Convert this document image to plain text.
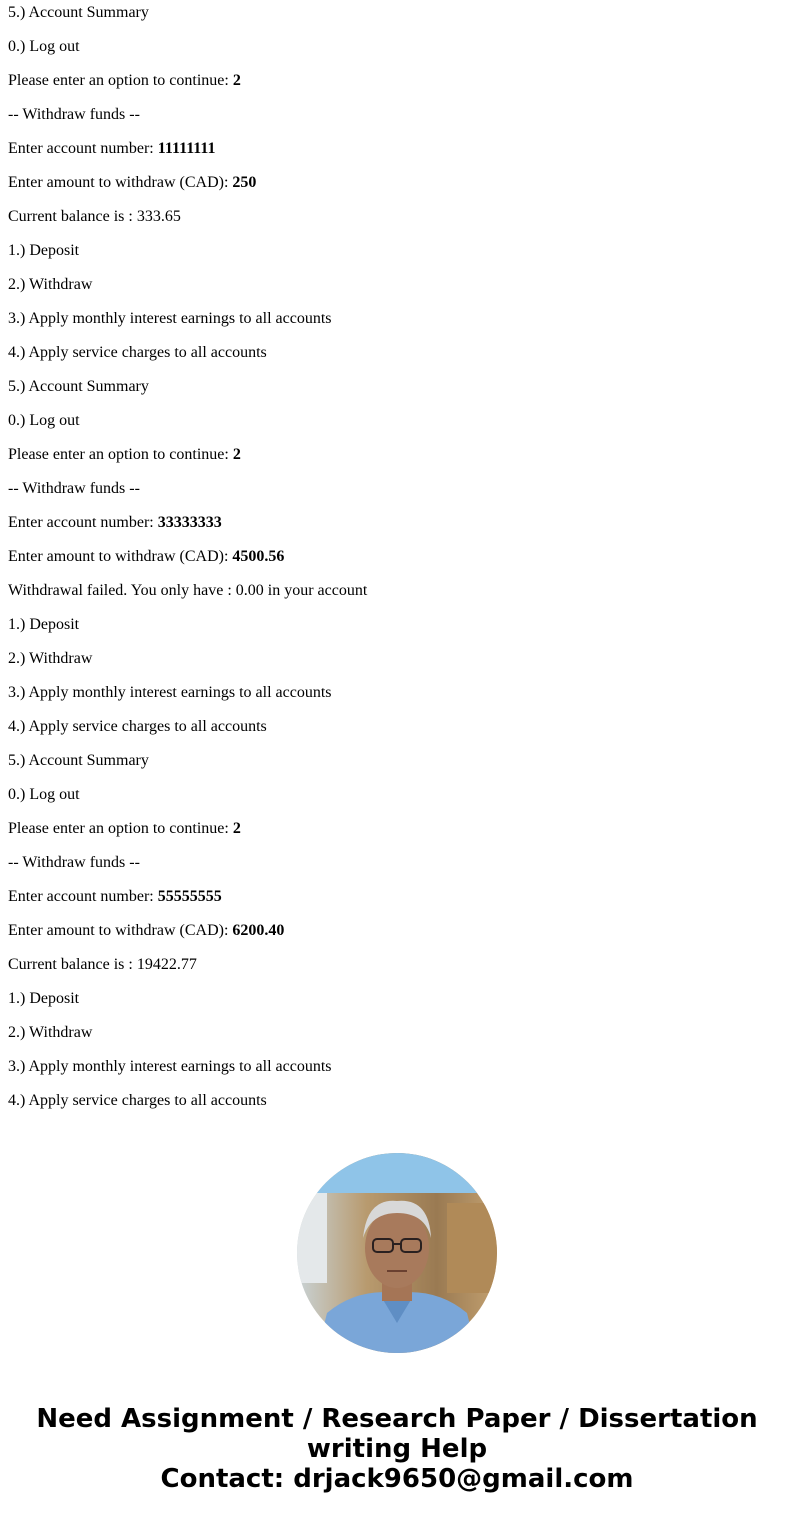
5.) Account Summary
0.) Log out
Please enter an option to continue: 2
-- Withdraw funds --
Enter account number: 11111111
Enter amount to withdraw (CAD): 250
Current balance is : 333.65
1.) Deposit
2.) Withdraw
3.) Apply monthly interest earnings to all accounts
4.) Apply service charges to all accounts
5.) Account Summary
0.) Log out
Please enter an option to continue: 2
-- Withdraw funds --
Enter account number: 33333333
Enter amount to withdraw (CAD): 4500.56
Withdrawal failed. You only have : 0.00 in your account
1.) Deposit
2.) Withdraw
3.) Apply monthly interest earnings to all accounts
4.) Apply service charges to all accounts
5.) Account Summary
0.) Log out
Please enter an option to continue: 2
-- Withdraw funds --
Enter account number: 55555555
Enter amount to withdraw (CAD): 6200.40
Current balance is : 19422.77
1.) Deposit
2.) Withdraw
3.) Apply monthly interest earnings to all accounts
4.) Apply service charges to all accounts
Need Assignment / Research Paper / Dissertation
writing Help
Contact: drjack9650@gmail.com
